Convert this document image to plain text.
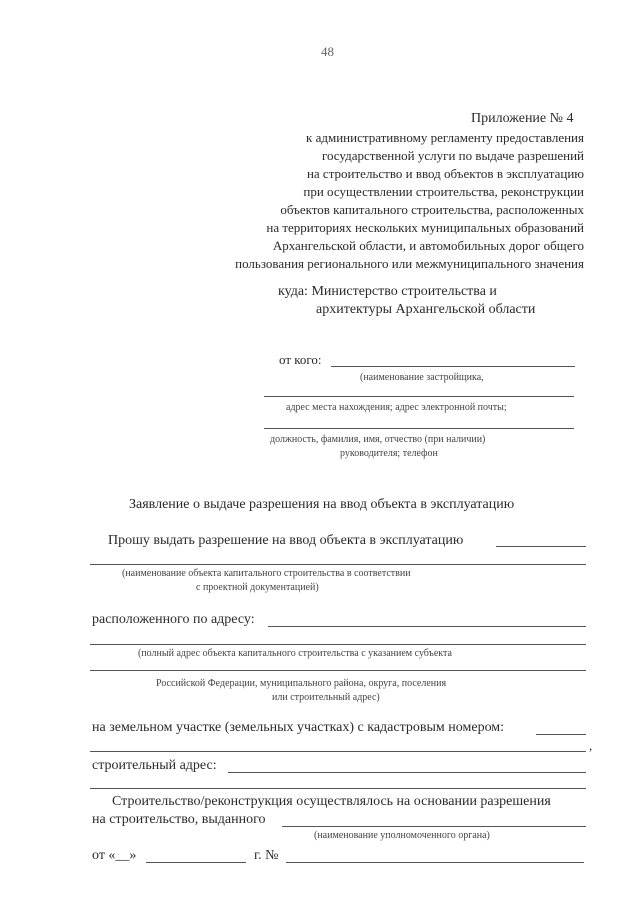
48
Приложение № 4
к административному регламенту предоставления
государственной услуги по выдаче разрешений
на строительство и ввод объектов в эксплуатацию
при осуществлении строительства, реконструкции
объектов капитального строительства, расположенных
на территориях нескольких муниципальных образований
Архангельской области, и автомобильных дорог общего
пользования регионального или межмуниципального значения
куда: Министерство строительства и
архитектуры Архангельской области
от кого:
(наименование застройщика,
адрес места нахождения; адрес электронной почты;
должность, фамилия, имя, отчество (при наличии)
руководителя; телефон
Заявление о выдаче разрешения на ввод объекта в эксплуатацию
Прошу выдать разрешение на ввод объекта в эксплуатацию
(наименование объекта капитального строительства в соответствии
с проектной документацией)
расположенного по адресу:
(полный адрес объекта капитального строительства с указанием субъекта
Российской Федерации, муниципального района, округа, поселения
или строительный адрес)
на земельном участке (земельных участках) с кадастровым номером:
,
строительный адрес:
Строительство/реконструкция осуществлялось на основании разрешения
на строительство, выданного
(наименование уполномоченного органа)
от «__»	г. №
